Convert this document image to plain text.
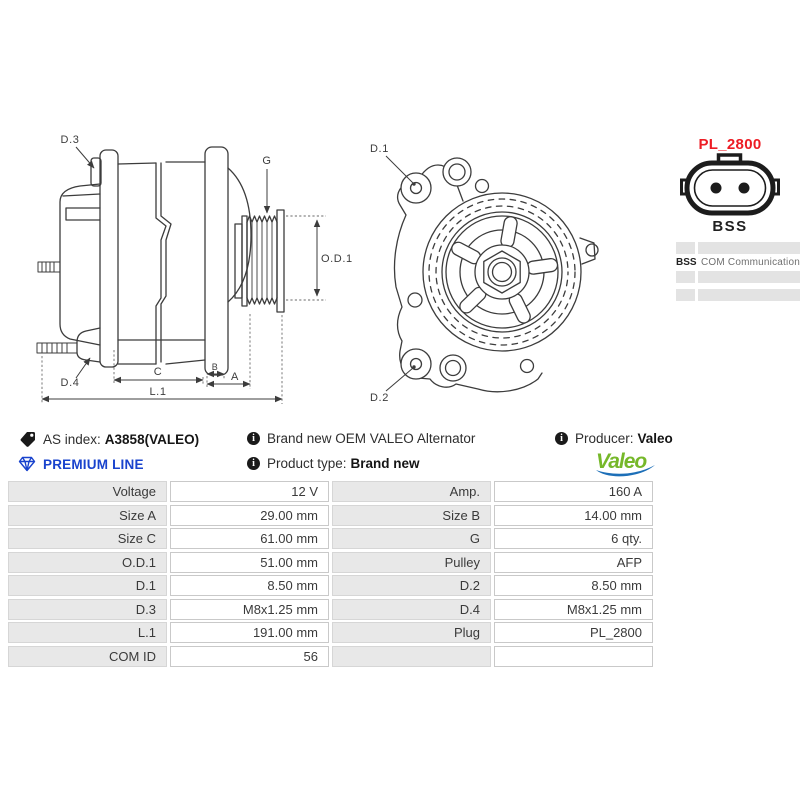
D.3
G
O.D.1
D.4
C	B
A
L.1
D.1
D.2
PL_2800
BSS
BSS COM Communication
AS index: A3858(VALEO)	i Brand new OEM VALEO Alternator	i Producer: Valeo
PREMIUM LINE	i Product type: Brand new	Valeo
Voltage	12 V	Amp.	160 A
Size A	29.00 mm	Size B	14.00 mm
Size C	61.00 mm	G	6 qty.
O.D.1	51.00 mm	Pulley	AFP
D.1	8.50 mm	D.2	8.50 mm
D.3	M8x1.25 mm	D.4	M8x1.25 mm
L.1	191.00 mm	Plug	PL_2800
COM ID	56
